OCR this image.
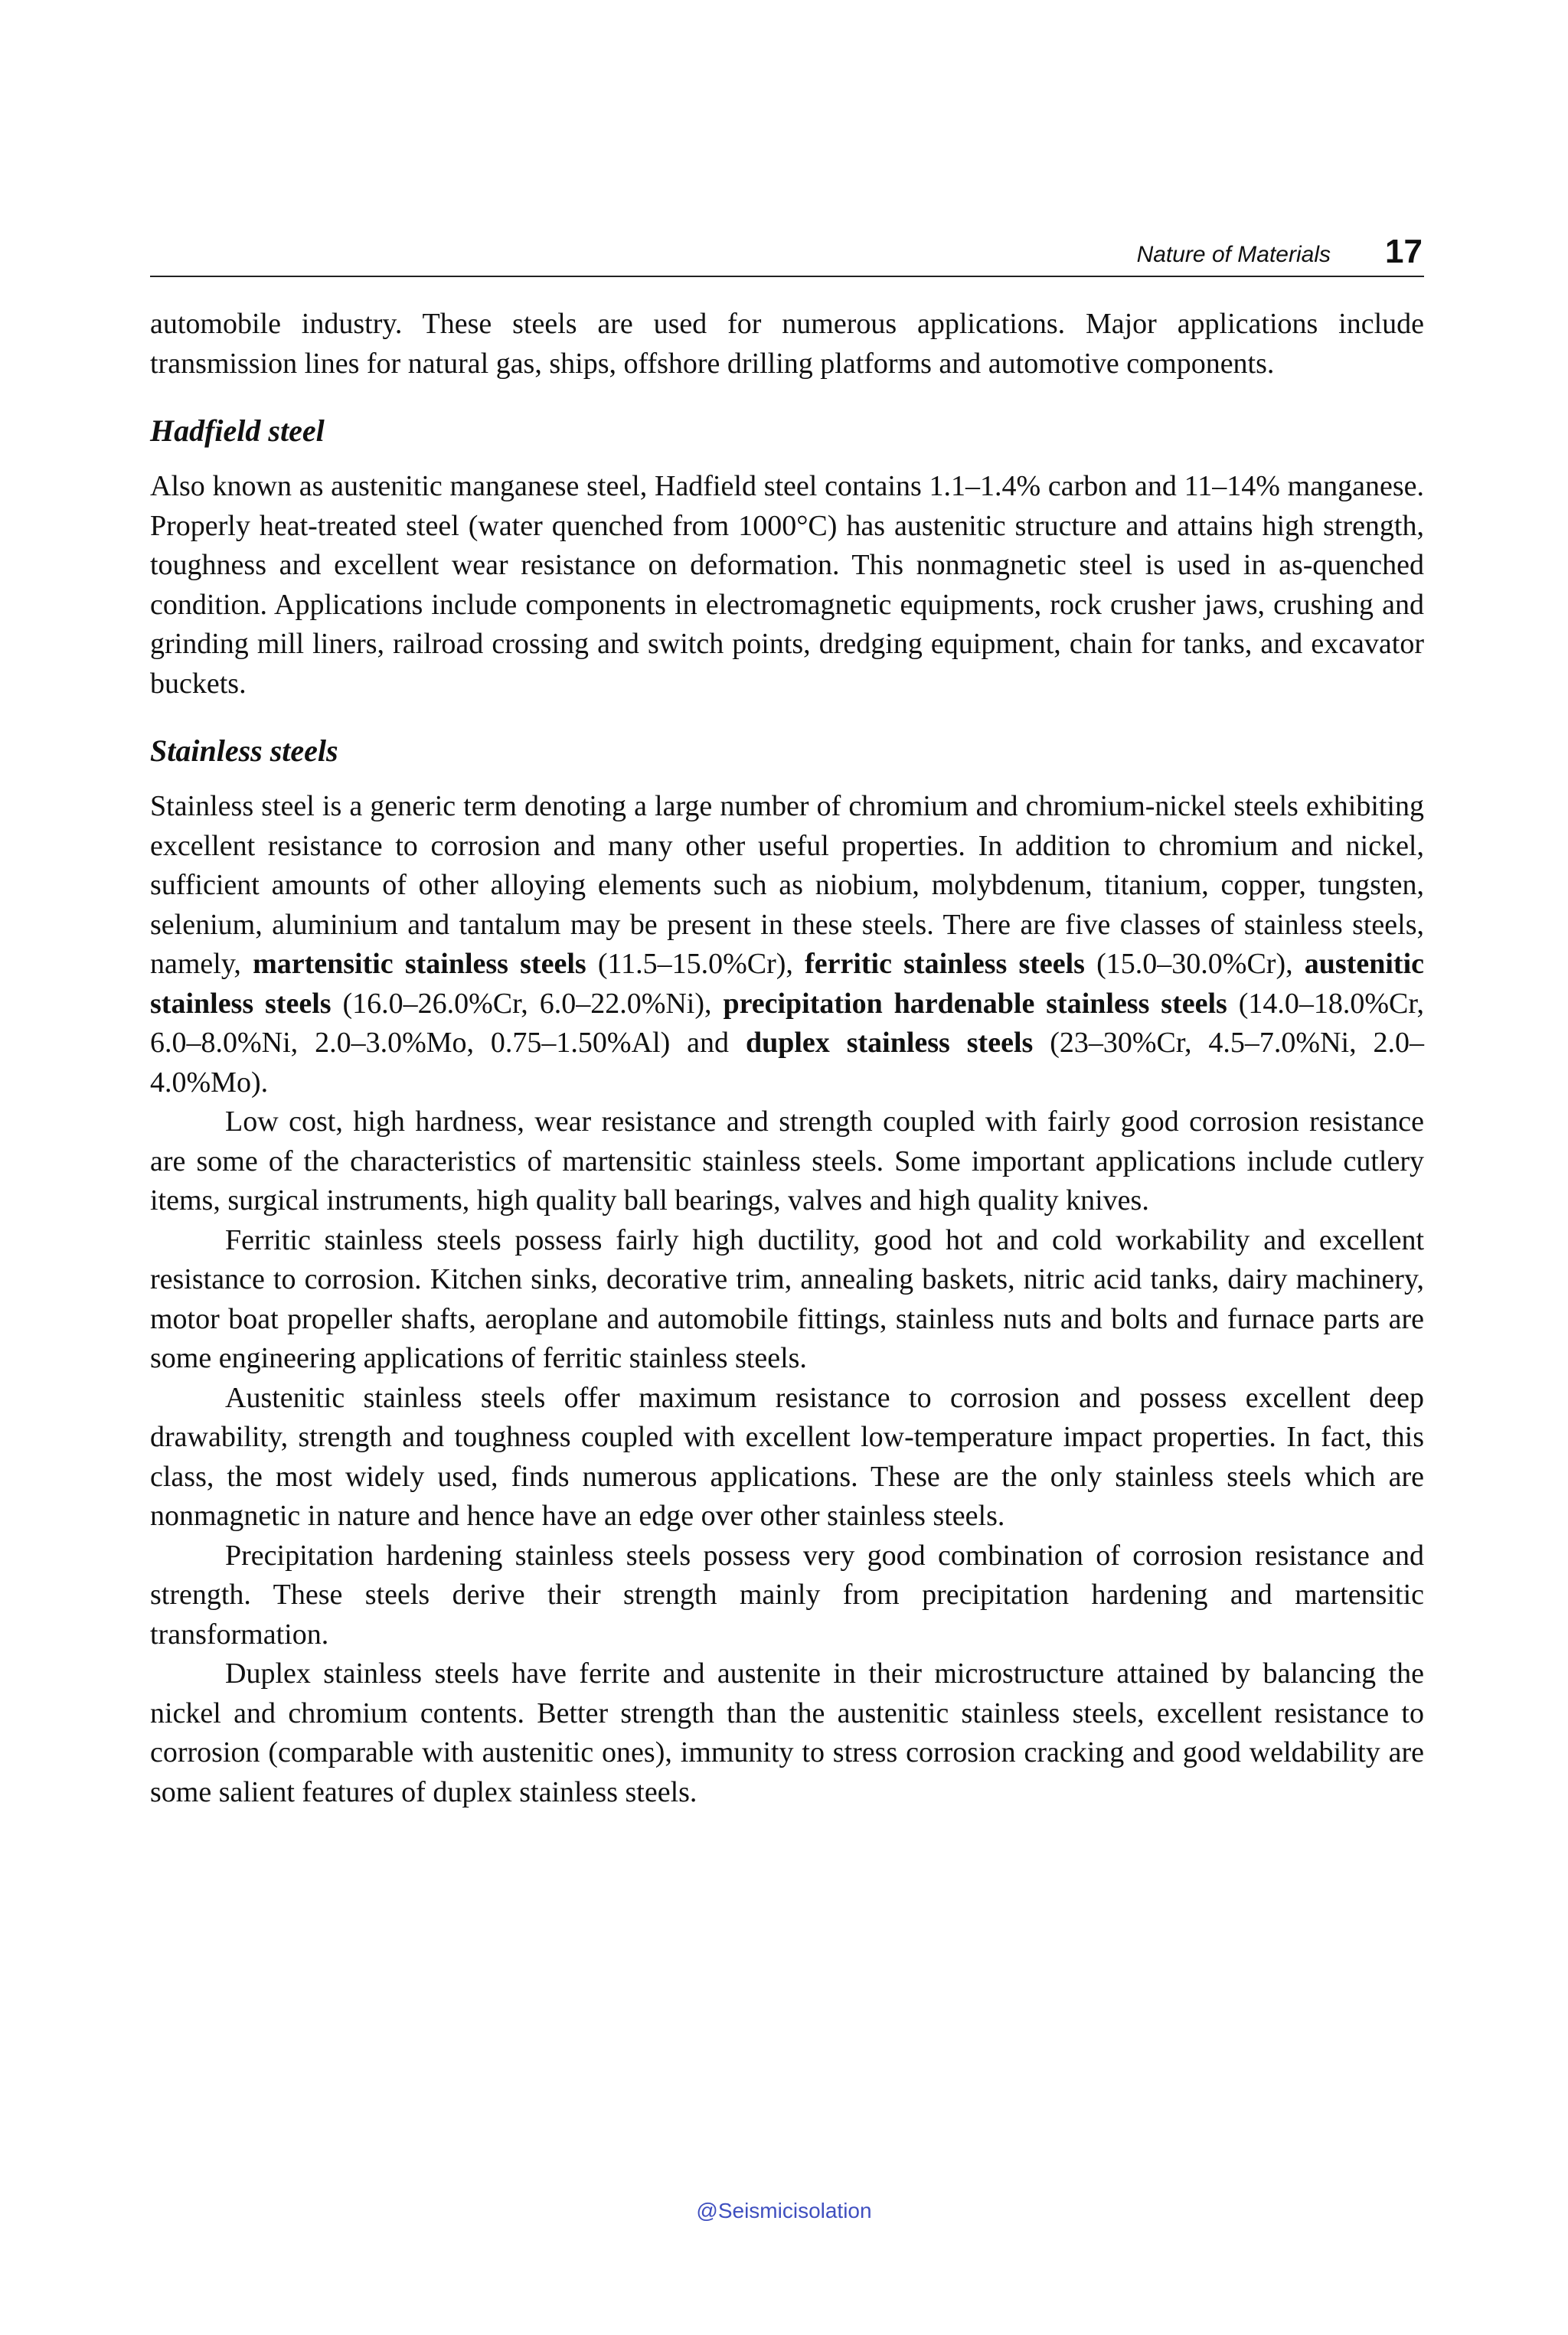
Nature of Materials 17

automobile industry. These steels are used for numerous applications. Major applications include transmission lines for natural gas, ships, offshore drilling platforms and automotive components.

Hadfield steel

Also known as austenitic manganese steel, Hadfield steel contains 1.1–1.4% carbon and 11–14% manganese. Properly heat-treated steel (water quenched from 1000°C) has austenitic structure and attains high strength, toughness and excellent wear resistance on deformation. This nonmagnetic steel is used in as-quenched condition. Applications include components in electromagnetic equipments, rock crusher jaws, crushing and grinding mill liners, railroad crossing and switch points, dredging equipment, chain for tanks, and excavator buckets.

Stainless steels

Stainless steel is a generic term denoting a large number of chromium and chromium-nickel steels exhibiting excellent resistance to corrosion and many other useful properties. In addition to chromium and nickel, sufficient amounts of other alloying elements such as niobium, molybdenum, titanium, copper, tungsten, selenium, aluminium and tantalum may be present in these steels. There are five classes of stainless steels, namely, martensitic stainless steels (11.5–15.0%Cr), ferritic stainless steels (15.0–30.0%Cr), austenitic stainless steels (16.0–26.0%Cr, 6.0–22.0%Ni), precipitation hardenable stainless steels (14.0–18.0%Cr, 6.0–8.0%Ni, 2.0–3.0%Mo, 0.75–1.50%Al) and duplex stainless steels (23–30%Cr, 4.5–7.0%Ni, 2.0–4.0%Mo).

Low cost, high hardness, wear resistance and strength coupled with fairly good corrosion resistance are some of the characteristics of martensitic stainless steels. Some important applications include cutlery items, surgical instruments, high quality ball bearings, valves and high quality knives.

Ferritic stainless steels possess fairly high ductility, good hot and cold workability and excellent resistance to corrosion. Kitchen sinks, decorative trim, annealing baskets, nitric acid tanks, dairy machinery, motor boat propeller shafts, aeroplane and automobile fittings, stainless nuts and bolts and furnace parts are some engineering applications of ferritic stainless steels.

Austenitic stainless steels offer maximum resistance to corrosion and possess excellent deep drawability, strength and toughness coupled with excellent low-temperature impact properties. In fact, this class, the most widely used, finds numerous applications. These are the only stainless steels which are nonmagnetic in nature and hence have an edge over other stainless steels.

Precipitation hardening stainless steels possess very good combination of corrosion resistance and strength. These steels derive their strength mainly from precipitation hardening and martensitic transformation.

Duplex stainless steels have ferrite and austenite in their microstructure attained by balancing the nickel and chromium contents. Better strength than the austenitic stainless steels, excellent resistance to corrosion (comparable with austenitic ones), immunity to stress corrosion cracking and good weldability are some salient features of duplex stainless steels.

@Seismicisolation
